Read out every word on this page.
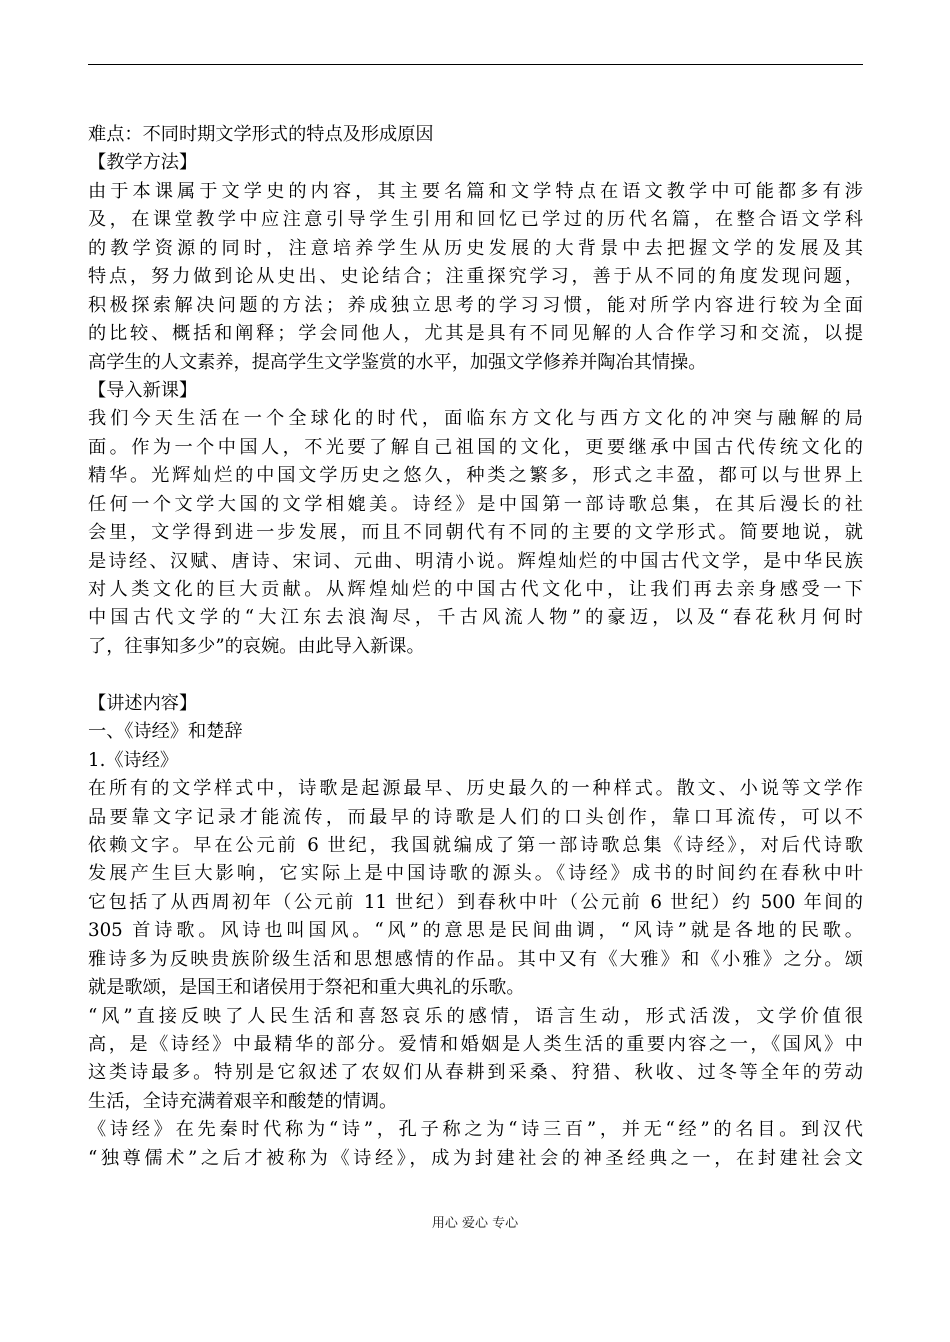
难点：不同时期文学形式的特点及形成原因
【教学方法】
由于本课属于文学史的内容，其主要名篇和文学特点在语文教学中可能都多有涉
及，在课堂教学中应注意引导学生引用和回忆已学过的历代名篇，在整合语文学科
的教学资源的同时，注意培养学生从历史发展的大背景中去把握文学的发展及其
特点，努力做到论从史出、史论结合；注重探究学习，善于从不同的角度发现问题，
积极探索解决问题的方法；养成独立思考的学习习惯，能对所学内容进行较为全面
的比较、概括和阐释；学会同他人，尤其是具有不同见解的人合作学习和交流，以提
高学生的人文素养，提高学生文学鉴赏的水平，加强文学修养并陶冶其情操。
【导入新课】
我们今天生活在一个全球化的时代，面临东方文化与西方文化的冲突与融解的局
面。作为一个中国人，不光要了解自己祖国的文化，更要继承中国古代传统文化的
精华。光辉灿烂的中国文学历史之悠久，种类之繁多，形式之丰盈，都可以与世界上
任何一个文学大国的文学相媲美。诗经》是中国第一部诗歌总集，在其后漫长的社
会里，文学得到进一步发展，而且不同朝代有不同的主要的文学形式。简要地说，就
是诗经、汉赋、唐诗、宋词、元曲、明清小说。辉煌灿烂的中国古代文学，是中华民族
对人类文化的巨大贡献。从辉煌灿烂的中国古代文化中，让我们再去亲身感受一下
中国古代文学的“大江东去浪淘尽，千古风流人物”的豪迈，以及“春花秋月何时
了，往事知多少”的哀婉。由此导入新课。
【讲述内容】
一、《诗经》和楚辞
1.《诗经》
在所有的文学样式中，诗歌是起源最早、历史最久的一种样式。散文、小说等文学作
品要靠文字记录才能流传，而最早的诗歌是人们的口头创作，靠口耳流传，可以不
依赖文字。早在公元前 6 世纪，我国就编成了第一部诗歌总集《诗经》，对后代诗歌
发展产生巨大影响，它实际上是中国诗歌的源头。《诗经》成书的时间约在春秋中叶
它包括了从西周初年（公元前 11 世纪）到春秋中叶（公元前 6 世纪）约 500 年间的
305 首诗歌。风诗也叫国风。“风”的意思是民间曲调，“风诗”就是各地的民歌。
雅诗多为反映贵族阶级生活和思想感情的作品。其中又有《大雅》和《小雅》之分。颂
就是歌颂，是国王和诸侯用于祭祀和重大典礼的乐歌。
“风”直接反映了人民生活和喜怒哀乐的感情，语言生动，形式活泼，文学价值很
高，是《诗经》中最精华的部分。爱情和婚姻是人类生活的重要内容之一，《国风》中
这类诗最多。特别是它叙述了农奴们从春耕到采桑、狩猎、秋收、过冬等全年的劳动
生活，全诗充满着艰辛和酸楚的情调。
《诗经》在先秦时代称为“诗”，孔子称之为“诗三百”，并无“经”的名目。到汉代
“独尊儒术”之后才被称为《诗经》，成为封建社会的神圣经典之一，在封建社会文
用心 爱心 专心
